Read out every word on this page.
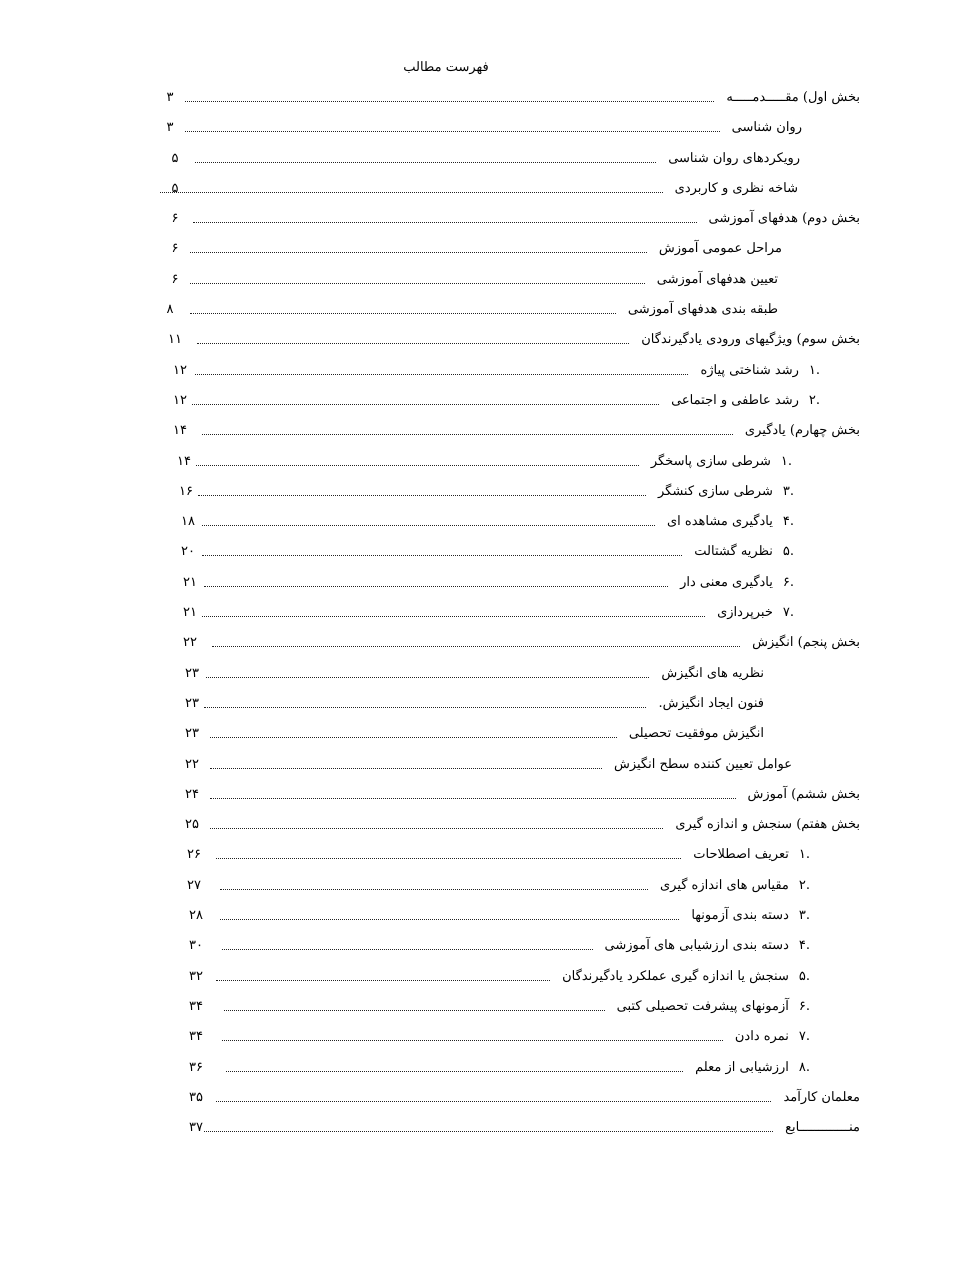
فهرست مطالب
بخش اول) مقـــــدمـــــه
۳
روان شناسی
۳
رویکردهای روان شناسی
۵
شاخه نظری و کاربردی
۵
بخش دوم) هدفهای آموزشی
۶
مراحل عمومی آموزش
۶
تعیین هدفهای آموزشی
۶
طبقه بندی هدفهای آموزشی
۸
بخش سوم) ویژگیهای ورودی یادگیرندگان
۱۱
.۱رشد شناختی پیاژه
۱۲
.۲رشد عاطفی و اجتماعی
۱۲
بخش چهارم) یادگیری
۱۴
.۱شرطی سازی پاسخگر
۱۴
.۳شرطی سازی کنشگر
۱۶
.۴یادگیری مشاهده ای
۱۸
.۵نظریه گشتالت
۲۰
.۶یادگیری معنی دار
۲۱
.۷خبرپردازی
۲۱
بخش پنجم) انگیزش
۲۲
نظریه های انگیزش
۲۳
فنون ایجاد انگیزش.
۲۳
انگیزش موفقیت تحصیلی
۲۳
عوامل تعیین کننده سطح انگیزش
۲۲
بخش ششم) آموزش
۲۴
بخش هفتم) سنجش و اندازه گیری
۲۵
.۱تعریف اصطلاحات
۲۶
.۲مقیاس های اندازه گیری
۲۷
.۳دسته بندی آزمونها
۲۸
.۴دسته بندی ارزشیابی های آموزشی
۳۰
.۵سنجش یا اندازه گیری عملکرد یادگیرندگان
۳۲
.۶آزمونهای پیشرفت تحصیلی کتبی
۳۴
.۷نمره دادن
۳۴
.۸ارزشیابی از معلم
۳۶
معلمان کارآمد
۳۵
منـــــــــــــابع
۳۷
